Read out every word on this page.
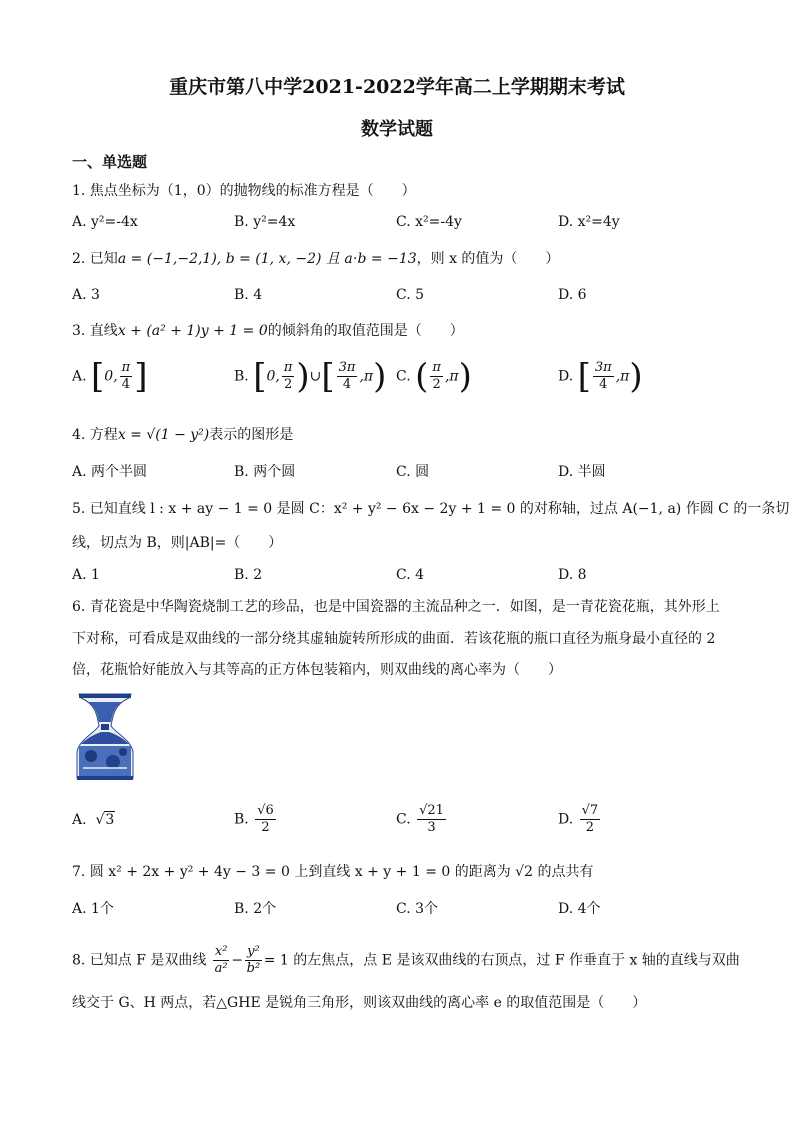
重庆市第八中学2021-2022学年高二上学期期末考试
数学试题
一、单选题
1. 焦点坐标为（1，0）的抛物线的标准方程是（　　）
A. y²=-4x	B. y²=4x	C. x²=-4y	D. x²=4y
2. 已知a = (−1,−2,1), b = (1, x, −2) 且 a⋅b = −13，则 x 的值为（　　）
A. 3	B. 4	C. 5	D. 6
3. 直线x + (a² + 1)y + 1 = 0的倾斜角的取值范围是（　　）
A. [0, $\frac{\pi}{4}$ ]	B. [0, $\frac{\pi}{2}$ )∪[ $\frac{3\pi}{4} ,\pi$) C. ( $\frac{\pi}{2} ,\pi$)	D. [ $\frac{3\pi}{4} ,\pi$)
4. 方程x = √(1 − y²)表示的图形是
A. 两个半圆	B. 两个圆	C. 圆	D. 半圆
5. 已知直线 l : x + ay − 1 = 0 是圆 C：x² + y² − 6x − 2y + 1 = 0 的对称轴，过点 A(−1, a) 作圆 C 的一条切
线，切点为 B，则|AB|=（　　）
A. 1	B. 2	C. 4	D. 8
6. 青花瓷是中华陶瓷烧制工艺的珍品，也是中国瓷器的主流品种之一．如图，是一青花瓷花瓶，其外形上
下对称，可看成是双曲线的一部分绕其虚轴旋转所形成的曲面．若该花瓶的瓶口直径为瓶身最小直径的 2
倍，花瓶恰好能放入与其等高的正方体包装箱内，则双曲线的离心率为（　　）
A.  √3	B. $\frac{√6}{2}$	C. $\frac{√21}{3}$	D. $\frac{√7}{2}$
7. 圆 x² + 2x + y² + 4y − 3 = 0 上到直线 x + y + 1 = 0 的距离为 √2 的点共有
A. 1个	B. 2个	C. 3个	D. 4个
8. 已知点 F 是双曲线 $\frac{\text{x²}}{\text{a²}} - \frac{\text{y²}}{\text{b²}} = 1$ 的左焦点，点 E 是该双曲线的右顶点，过 F 作垂直于 x 轴的直线与双曲
线交于 G、H 两点，若△GHE 是锐角三角形，则该双曲线的离心率 e 的取值范围是（　　）
